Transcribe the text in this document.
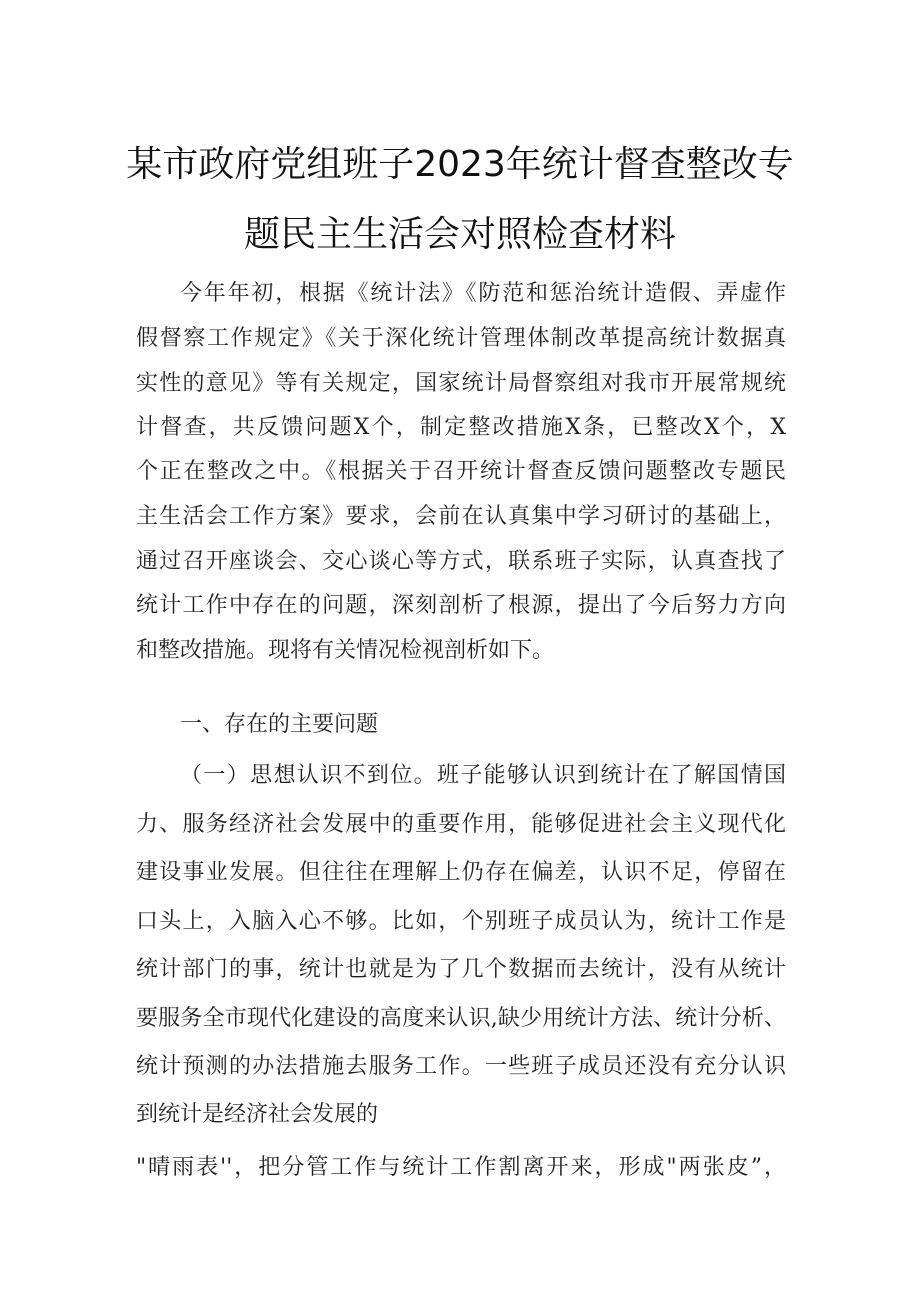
某市政府党组班子2023年统计督查整改专
题民主生活会对照检查材料
今年年初，根据《统计法》《防范和惩治统计造假、弄虚作
假督察工作规定》《关于深化统计管理体制改革提高统计数据真
实性的意见》等有关规定，国家统计局督察组对我市开展常规统
计督查，共反馈问题X个，制定整改措施X条，已整改X个，X
个正在整改之中。《根据关于召开统计督查反馈问题整改专题民
主生活会工作方案》要求，会前在认真集中学习研讨的基础上，
通过召开座谈会、交心谈心等方式，联系班子实际，认真查找了
统计工作中存在的问题，深刻剖析了根源，提出了今后努力方向
和整改措施。现将有关情况检视剖析如下。
一、存在的主要问题
（一）思想认识不到位。班子能够认识到统计在了解国情国
力、服务经济社会发展中的重要作用，能够促进社会主义现代化
建设事业发展。但往往在理解上仍存在偏差，认识不足，停留在
口头上，入脑入心不够。比如，个别班子成员认为，统计工作是
统计部门的事，统计也就是为了几个数据而去统计，没有从统计
要服务全市现代化建设的高度来认识,缺少用统计方法、统计分析、
统计预测的办法措施去服务工作。一些班子成员还没有充分认识
到统计是经济社会发展的
"晴雨表''，把分管工作与统计工作割离开来，形成"两张皮”，
